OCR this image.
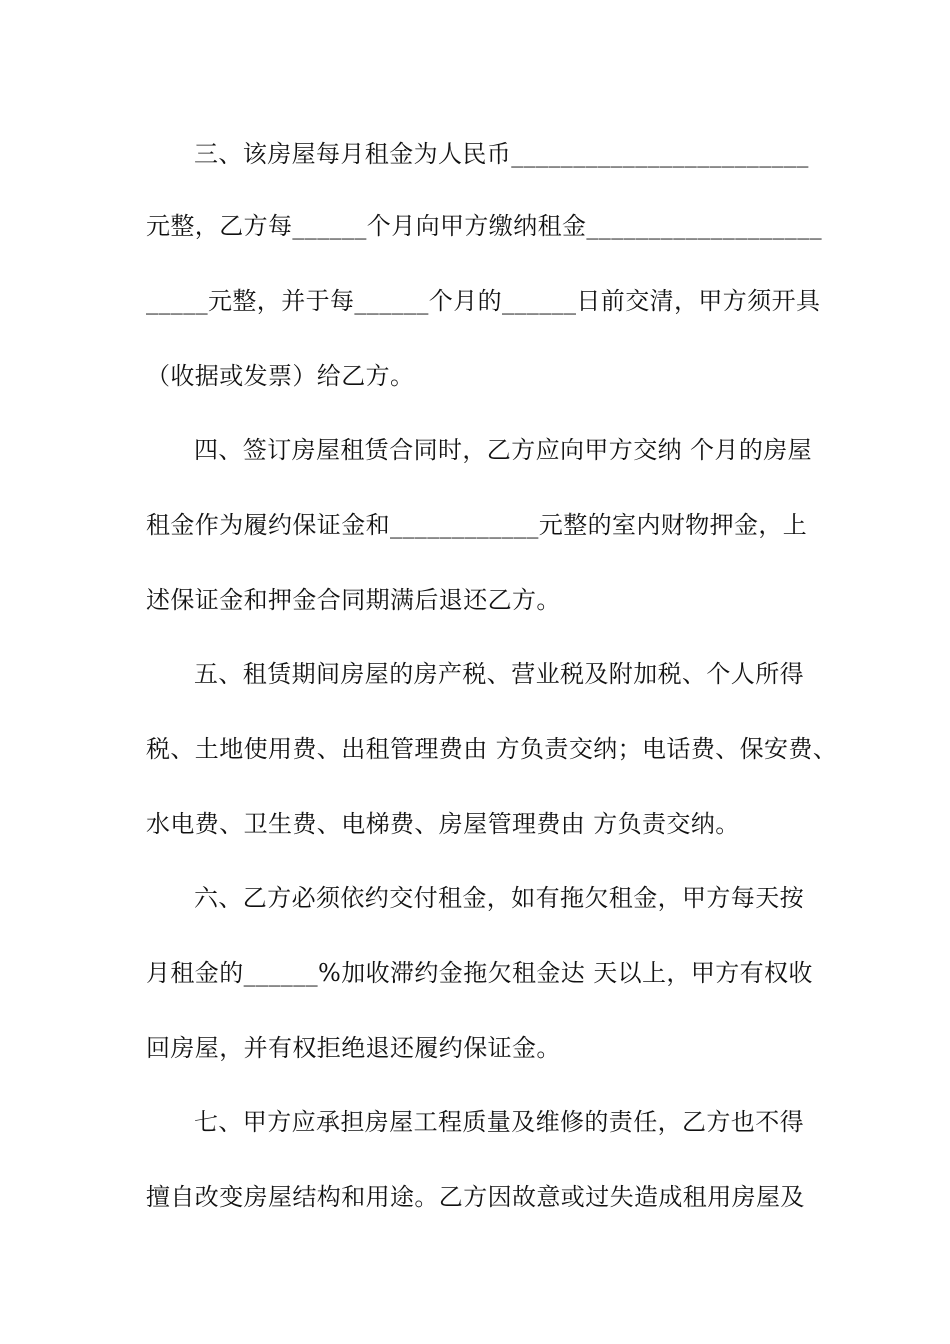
三、该房屋每月租金为人民币________________________
元整，乙方每______个月向甲方缴纳租金___________________
_____元整，并于每______个月的______日前交清，甲方须开具
（收据或发票）给乙方。
四、签订房屋租赁合同时，乙方应向甲方交纳 个月的房屋
租金作为履约保证金和____________元整的室内财物押金，上
述保证金和押金合同期满后退还乙方。
五、租赁期间房屋的房产税、营业税及附加税、个人所得
税、土地使用费、出租管理费由 方负责交纳；电话费、保安费、
水电费、卫生费、电梯费、房屋管理费由 方负责交纳。
六、乙方必须依约交付租金，如有拖欠租金，甲方每天按
月租金的______%加收滞约金拖欠租金达 天以上，甲方有权收
回房屋，并有权拒绝退还履约保证金。
七、甲方应承担房屋工程质量及维修的责任，乙方也不得
擅自改变房屋结构和用途。乙方因故意或过失造成租用房屋及
